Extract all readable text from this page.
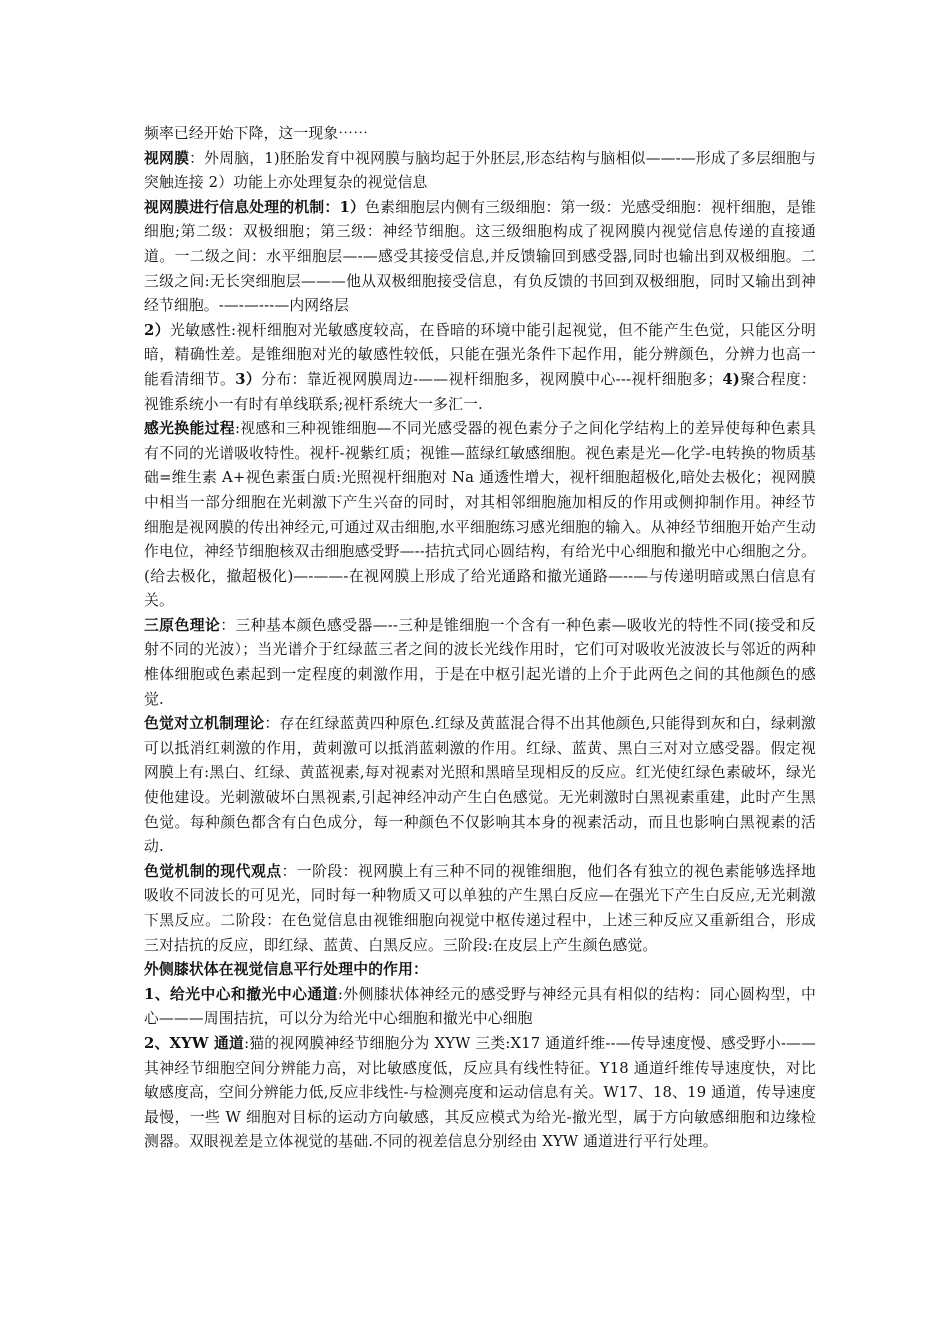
频率已经开始下降，这一现象⋯⋯

视网膜：外周脑，1)胚胎发育中视网膜与脑均起于外胚层,形态结构与脑相似——-—形成了多层细胞与突触连接 2）功能上亦处理复杂的视觉信息

视网膜进行信息处理的机制：1）色素细胞层内侧有三级细胞：第一级：光感受细胞：视杆细胞，是锥细胞;第二级：双极细胞；第三级：神经节细胞。这三级细胞构成了视网膜内视觉信息传递的直接通道。一二级之间：水平细胞层—-—感受其接受信息,并反馈输回到感受器,同时也输出到双极细胞。二三级之间:无长突细胞层———他从双极细胞接受信息，有负反馈的书回到双极细胞，同时又输出到神经节细胞。-—-—---—内网络层

2）光敏感性:视杆细胞对光敏感度较高，在昏暗的环境中能引起视觉，但不能产生色觉，只能区分明暗，精确性差。是锥细胞对光的敏感性较低，只能在强光条件下起作用，能分辨颜色，分辨力也高一能看清细节。3）分布：靠近视网膜周边-——视杆细胞多，视网膜中心---视杆细胞多；4)聚合程度：视锥系统小一有时有单线联系;视杆系统大一多汇一.

感光换能过程:视感和三种视锥细胞—不同光感受器的视色素分子之间化学结构上的差异使每种色素具有不同的光谱吸收特性。视杆-视紫红质；视锥—蓝绿红敏感细胞。视色素是光—化学-电转换的物质基础=维生素 A+视色素蛋白质:光照视杆细胞对 Na 通透性增大，视杆细胞超极化,暗处去极化；视网膜中相当一部分细胞在光刺激下产生兴奋的同时，对其相邻细胞施加相反的作用或侧抑制作用。神经节细胞是视网膜的传出神经元,可通过双击细胞,水平细胞练习感光细胞的输入。从神经节细胞开始产生动作电位，神经节细胞核双击细胞感受野—--拮抗式同心圆结构，有给光中心细胞和撤光中心细胞之分。(给去极化，撤超极化)—-——-在视网膜上形成了给光通路和撤光通路—--—与传递明暗或黑白信息有关。

三原色理论：三种基本颜色感受器—--三种是锥细胞一个含有一种色素—吸收光的特性不同(接受和反射不同的光波）；当光谱介于红绿蓝三者之间的波长光线作用时，它们可对吸收光波波长与邻近的两种椎体细胞或色素起到一定程度的刺激作用，于是在中枢引起光谱的上介于此两色之间的其他颜色的感觉.

色觉对立机制理论：存在红绿蓝黄四种原色.红绿及黄蓝混合得不出其他颜色,只能得到灰和白，绿刺激可以抵消红刺激的作用，黄刺激可以抵消蓝刺激的作用。红绿、蓝黄、黑白三对对立感受器。假定视网膜上有:黑白、红绿、黄蓝视素,每对视素对光照和黑暗呈现相反的反应。红光使红绿色素破坏，绿光使他建设。光刺激破坏白黑视素,引起神经冲动产生白色感觉。无光刺激时白黑视素重建，此时产生黑色觉。每种颜色都含有白色成分，每一种颜色不仅影响其本身的视素活动，而且也影响白黑视素的活动.

色觉机制的现代观点：一阶段：视网膜上有三种不同的视锥细胞，他们各有独立的视色素能够选择地吸收不同波长的可见光，同时每一种物质又可以单独的产生黑白反应—在强光下产生白反应,无光刺激下黑反应。二阶段：在色觉信息由视锥细胞向视觉中枢传递过程中，上述三种反应又重新组合，形成三对拮抗的反应，即红绿、蓝黄、白黑反应。三阶段:在皮层上产生颜色感觉。

外侧膝状体在视觉信息平行处理中的作用：

1、给光中心和撤光中心通道:外侧膝状体神经元的感受野与神经元具有相似的结构：同心圆构型，中心———周围拮抗，可以分为给光中心细胞和撤光中心细胞

2、XYW 通道:猫的视网膜神经节细胞分为 XYW 三类:X17 通道纤维--—传导速度慢、感受野小-——其神经节细胞空间分辨能力高，对比敏感度低，反应具有线性特征。Y18 通道纤维传导速度快，对比敏感度高，空间分辨能力低,反应非线性-与检测亮度和运动信息有关。W17、18、19 通道，传导速度最慢，一些 W 细胞对目标的运动方向敏感，其反应模式为给光-撤光型，属于方向敏感细胞和边缘检测器。双眼视差是立体视觉的基础.不同的视差信息分别经由 XYW 通道进行平行处理。
